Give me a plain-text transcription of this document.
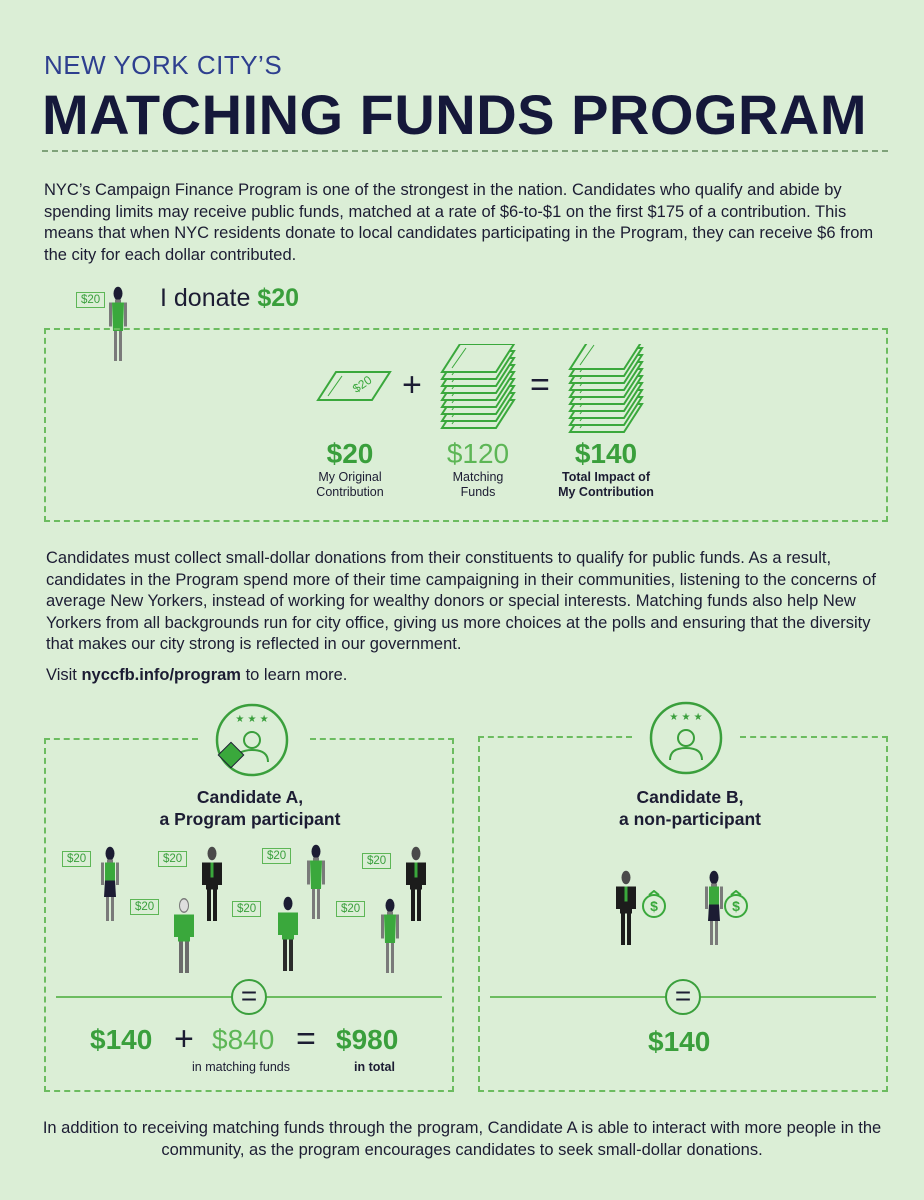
NEW YORK CITY’S
MATCHING FUNDS PROGRAM
NYC’s Campaign Finance Program is one of the strongest in the nation. Candidates who qualify and abide by spending limits may receive public funds, matched at a rate of $6-to-$1 on the first $175 of a contribution. This means that when NYC residents donate to local candidates participating in the Program, they can receive $6 from the city for each dollar contributed.
$20 I donate $20
$20 +	=
$20
My Original
Contribution
$120
Matching
Funds
$140
Total Impact of
My Contribution
Candidates must collect small-dollar donations from their constituents to qualify for public funds. As a result, candidates in the Program spend more of their time campaigning in their communities, listening to the concerns of average New Yorkers, instead of working for wealthy donors or special interests. Matching funds also help New Yorkers from all backgrounds run for city office, giving us more choices at the polls and ensuring that the diversity that makes our city strong is reflected in our government.
Visit nyccfb.info/program to learn more.
★ ★ ★
Candidate A,
a Program participant
$20	$20	$20	$20
$20	$20	$20
=
$140 + $840
in matching funds
= $980
in total
★ ★ ★
Candidate B,
a non-participant
=
$140
In addition to receiving matching funds through the program, Candidate A is able to interact with more people in the community, as the program encourages candidates to seek small-dollar donations.
